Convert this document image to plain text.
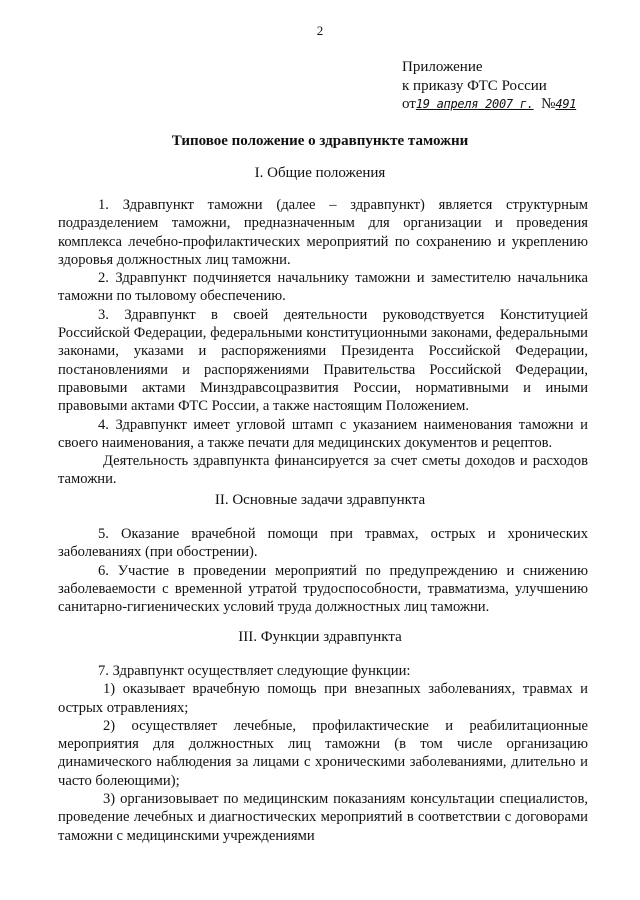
2
Приложение
к приказу ФТС России
от19 апреля 2007 г. №491
Типовое положение о здравпункте таможни
I. Общие положения

1. Здравпункт таможни (далее – здравпункт) является структурным подразделением таможни, предназначенным для организации и проведения комплекса лечебно-профилактических мероприятий по сохранению и укреплению здоровья должностных лиц таможни.

2. Здравпункт подчиняется начальнику таможни и заместителю начальника таможни по тыловому обеспечению.

3. Здравпункт в своей деятельности руководствуется Конституцией Российской Федерации, федеральными конституционными законами, федеральными законами, указами и распоряжениями Президента Российской Федерации, постановлениями и распоряжениями Правительства Российской Федерации, правовыми актами Минздравсоцразвития России, нормативными и иными правовыми актами ФТС России, а также настоящим Положением.

4. Здравпункт имеет угловой штамп с указанием наименования таможни и своего наименования, а также печати для медицинских документов и рецептов.

Деятельность здравпункта финансируется за счет сметы доходов и расходов таможни.

II. Основные задачи здравпункта

5. Оказание врачебной помощи при травмах, острых и хронических заболеваниях (при обострении).

6. Участие в проведении мероприятий по предупреждению и снижению заболеваемости с временной утратой трудоспособности, травматизма, улучшению санитарно-гигиенических условий труда должностных лиц таможни.

III. Функции здравпункта

7. Здравпункт осуществляет следующие функции:

1) оказывает врачебную помощь при внезапных заболеваниях, травмах и острых отравлениях;

2) осуществляет лечебные, профилактические и реабилитационные мероприятия для должностных лиц таможни (в том числе организацию динамического наблюдения за лицами с хроническими заболеваниями, длительно и часто болеющими);

3) организовывает по медицинским показаниям консультации специалистов, проведение лечебных и диагностических мероприятий в соответствии с договорами таможни с медицинскими учреждениями
